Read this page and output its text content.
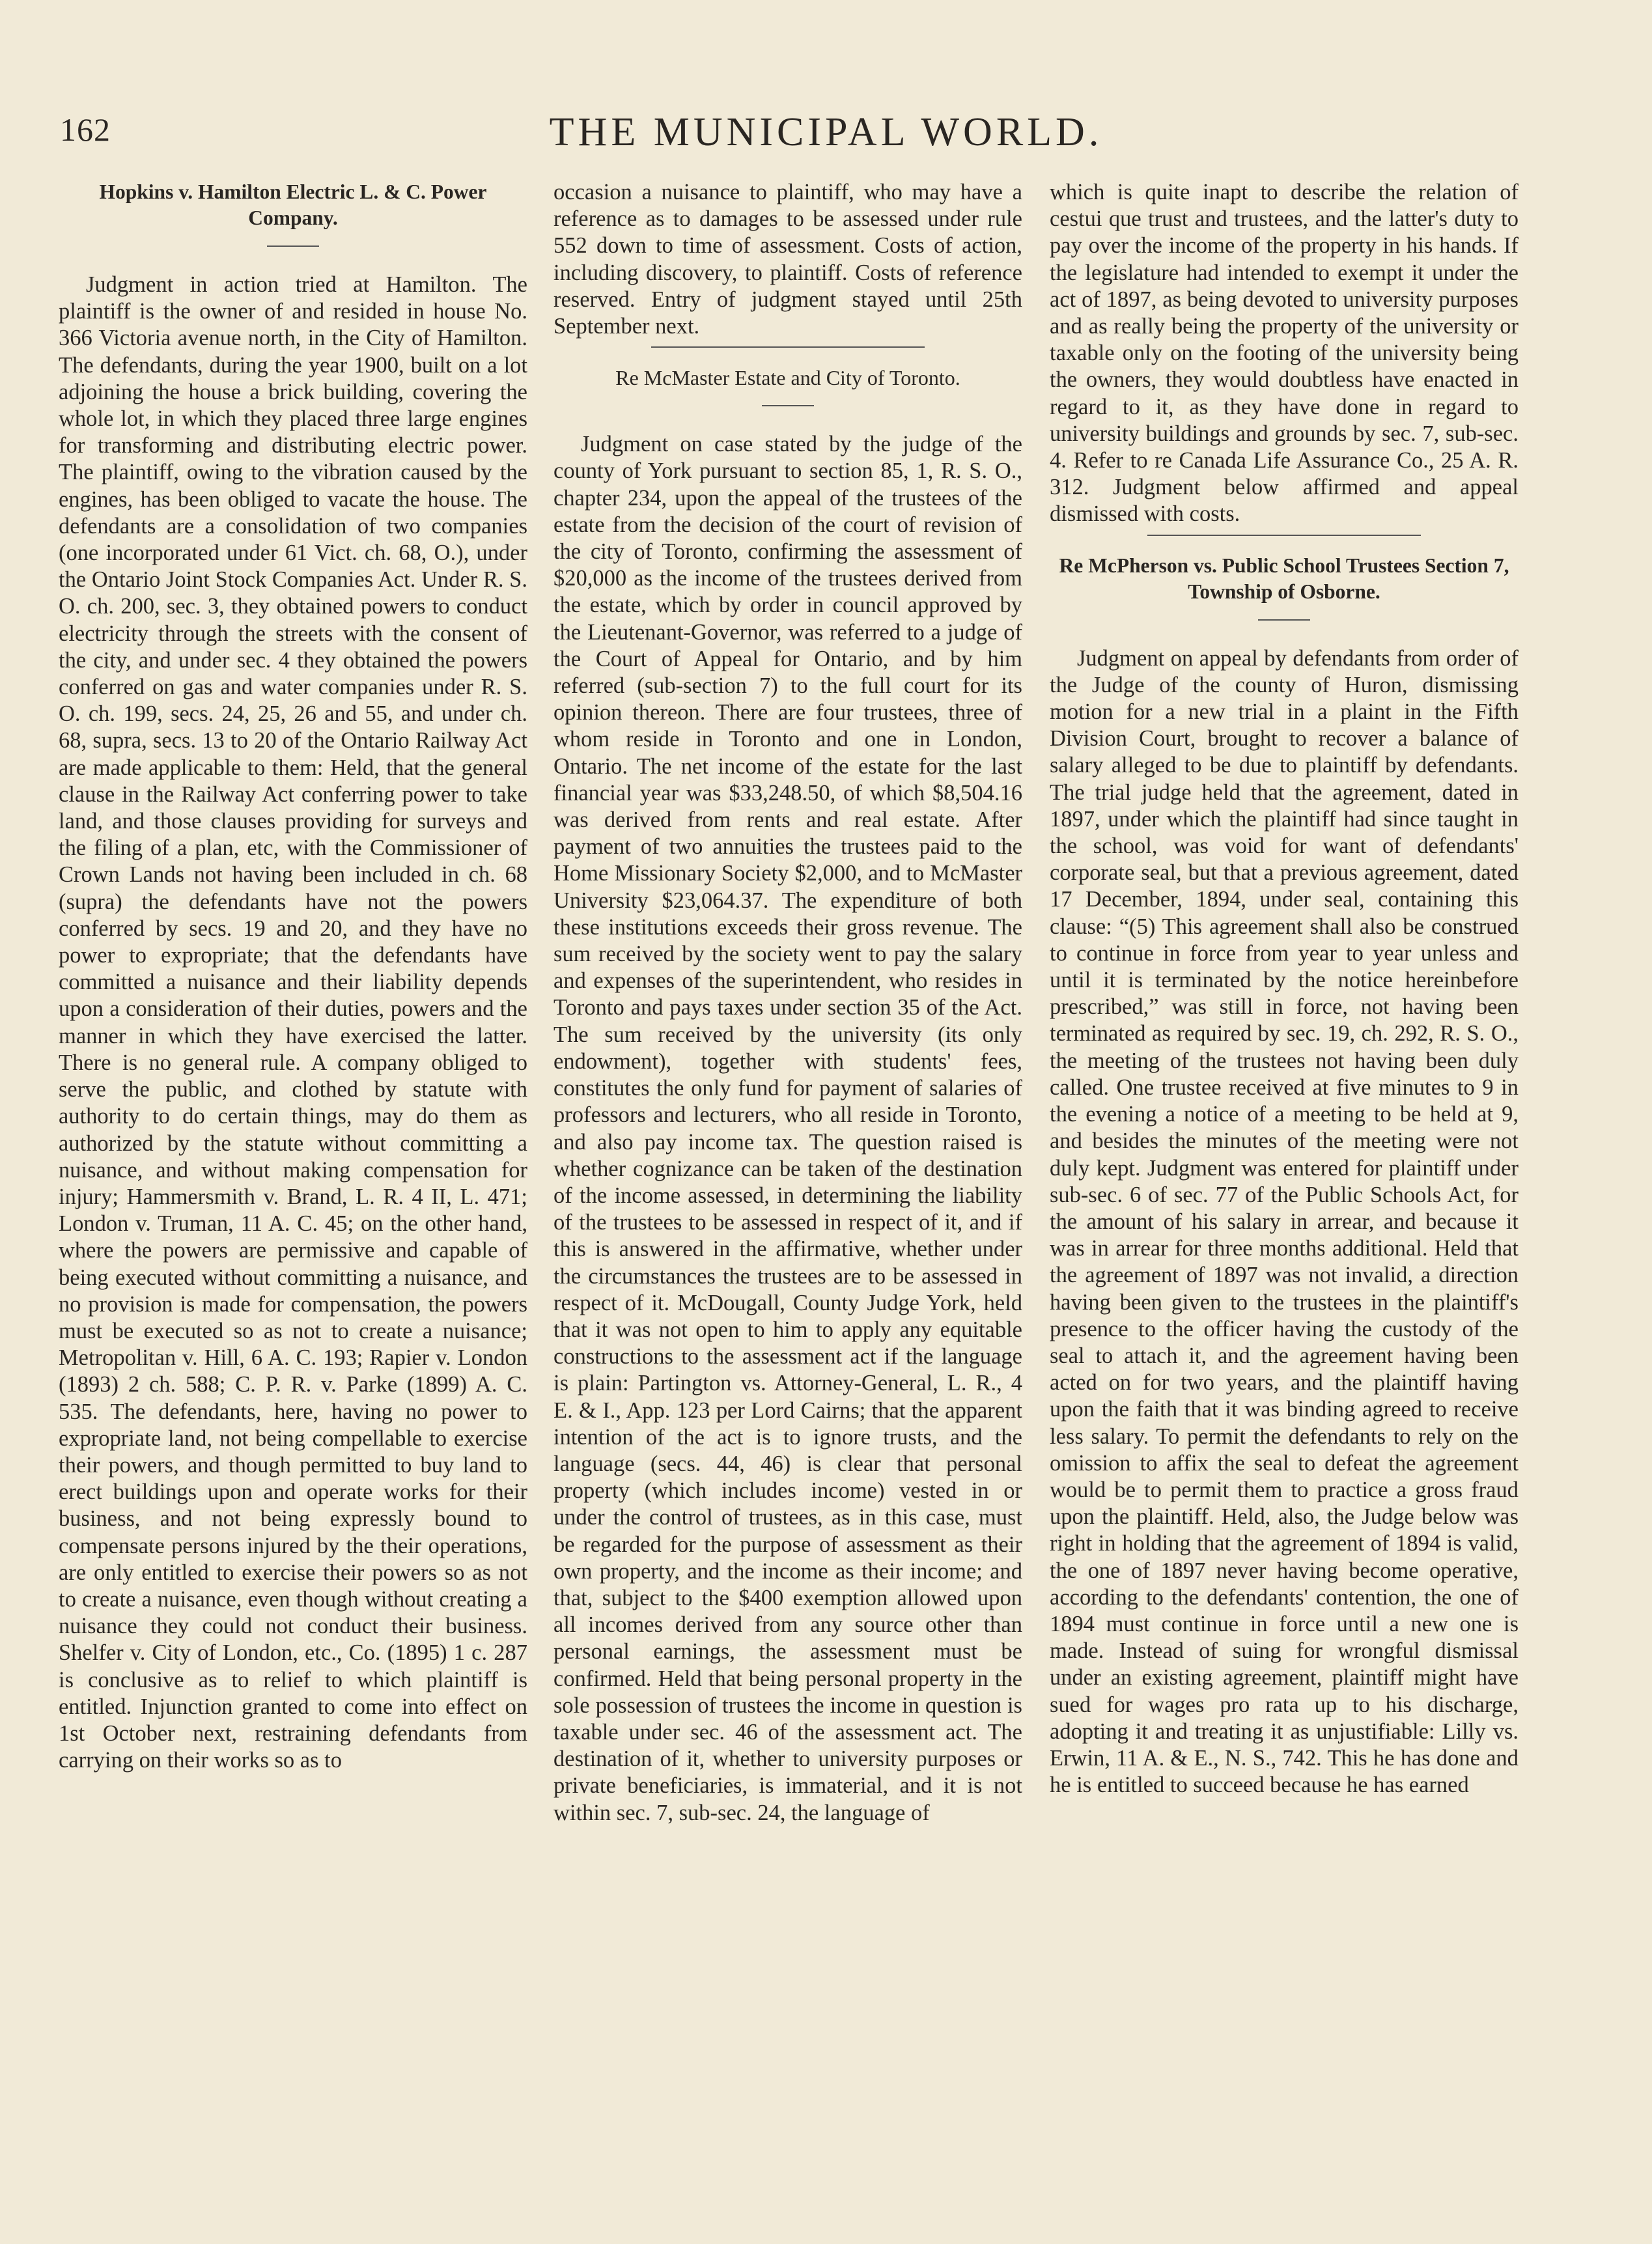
162	THE MUNICIPAL WORLD.

Hopkins v. Hamilton Electric L. & C. Power Company.

Judgment in action tried at Hamilton. The plaintiff is the owner of and resided in house No. 366 Victoria avenue north, in the City of Hamilton. The defendants, during the year 1900, built on a lot adjoining the house a brick building, covering the whole lot, in which they placed three large engines for transforming and distributing electric power. The plaintiff, owing to the vibration caused by the engines, has been obliged to vacate the house. The defendants are a consolidation of two companies (one incorporated under 61 Vict. ch. 68, O.), under the Ontario Joint Stock Companies Act. Under R. S. O. ch. 200, sec. 3, they obtained powers to conduct electricity through the streets with the consent of the city, and under sec. 4 they obtained the powers conferred on gas and water companies under R. S. O. ch. 199, secs. 24, 25, 26 and 55, and under ch. 68, supra, secs. 13 to 20 of the Ontario Railway Act are made applicable to them: Held, that the general clause in the Railway Act conferring power to take land, and those clauses providing for surveys and the filing of a plan, etc, with the Commissioner of Crown Lands not having been included in ch. 68 (supra) the defendants have not the powers conferred by secs. 19 and 20, and they have no power to expropriate; that the defendants have committed a nuisance and their liability depends upon a consideration of their duties, powers and the manner in which they have exercised the latter. There is no general rule. A company obliged to serve the public, and clothed by statute with authority to do certain things, may do them as authorized by the statute without committing a nuisance, and without making compensation for injury; Hammersmith v. Brand, L. R. 4 II, L. 471; London v. Truman, 11 A. C. 45; on the other hand, where the powers are permissive and capable of being executed without committing a nuisance, and no provision is made for compensation, the powers must be executed so as not to create a nuisance; Metropolitan v. Hill, 6 A. C. 193; Rapier v. London (1893) 2 ch. 588; C. P. R. v. Parke (1899) A. C. 535. The defendants, here, having no power to expropriate land, not being compellable to exercise their powers, and though permitted to buy land to erect buildings upon and operate works for their business, and not being expressly bound to compensate persons injured by the their operations, are only entitled to exercise their powers so as not to create a nuisance, even though without creating a nuisance they could not conduct their business. Shelfer v. City of London, etc., Co. (1895) 1 c. 287 is conclusive as to relief to which plaintiff is entitled. Injunction granted to come into effect on 1st October next, restraining defendants from carrying on their works so as to

occasion a nuisance to plaintiff, who may have a reference as to damages to be assessed under rule 552 down to time of assessment. Costs of action, including discovery, to plaintiff. Costs of reference reserved. Entry of judgment stayed until 25th September next.

Re McMaster Estate and City of Toronto.

Judgment on case stated by the judge of the county of York pursuant to section 85, 1, R. S. O., chapter 234, upon the appeal of the trustees of the estate from the decision of the court of revision of the city of Toronto, confirming the assessment of $20,000 as the income of the trustees derived from the estate, which by order in council approved by the Lieutenant-Governor, was referred to a judge of the Court of Appeal for Ontario, and by him referred (sub-section 7) to the full court for its opinion thereon. There are four trustees, three of whom reside in Toronto and one in London, Ontario. The net income of the estate for the last financial year was $33,248.50, of which $8,504.16 was derived from rents and real estate. After payment of two annuities the trustees paid to the Home Missionary Society $2,000, and to McMaster University $23,064.37. The expenditure of both these institutions exceeds their gross revenue. The sum received by the society went to pay the salary and expenses of the superintendent, who resides in Toronto and pays taxes under section 35 of the Act. The sum received by the university (its only endowment), together with students' fees, constitutes the only fund for payment of salaries of professors and lecturers, who all reside in Toronto, and also pay income tax. The question raised is whether cognizance can be taken of the destination of the income assessed, in determining the liability of the trustees to be assessed in respect of it, and if this is answered in the affirmative, whether under the circumstances the trustees are to be assessed in respect of it. McDougall, County Judge York, held that it was not open to him to apply any equitable constructions to the assessment act if the language is plain: Partington vs. Attorney-General, L. R., 4 E. & I., App. 123 per Lord Cairns; that the apparent intention of the act is to ignore trusts, and the language (secs. 44, 46) is clear that personal property (which includes income) vested in or under the control of trustees, as in this case, must be regarded for the purpose of assessment as their own property, and the income as their income; and that, subject to the $400 exemption allowed upon all incomes derived from any source other than personal earnings, the assessment must be confirmed. Held that being personal property in the sole possession of trustees the income in question is taxable under sec. 46 of the assessment act. The destination of it, whether to university purposes or private beneficiaries, is immaterial, and it is not within sec. 7, sub-sec. 24, the language of

which is quite inapt to describe the relation of cestui que trust and trustees, and the latter's duty to pay over the income of the property in his hands. If the legislature had intended to exempt it under the act of 1897, as being devoted to university purposes and as really being the property of the university or taxable only on the footing of the university being the owners, they would doubtless have enacted in regard to it, as they have done in regard to university buildings and grounds by sec. 7, sub-sec. 4. Refer to re Canada Life Assurance Co., 25 A. R. 312. Judgment below affirmed and appeal dismissed with costs.

Re McPherson vs. Public School Trustees Section 7, Township of Osborne.

Judgment on appeal by defendants from order of the Judge of the county of Huron, dismissing motion for a new trial in a plaint in the Fifth Division Court, brought to recover a balance of salary alleged to be due to plaintiff by defendants. The trial judge held that the agreement, dated in 1897, under which the plaintiff had since taught in the school, was void for want of defendants' corporate seal, but that a previous agreement, dated 17 December, 1894, under seal, containing this clause: “(5) This agreement shall also be construed to continue in force from year to year unless and until it is terminated by the notice hereinbefore prescribed,” was still in force, not having been terminated as required by sec. 19, ch. 292, R. S. O., the meeting of the trustees not having been duly called. One trustee received at five minutes to 9 in the evening a notice of a meeting to be held at 9, and besides the minutes of the meeting were not duly kept. Judgment was entered for plaintiff under sub-sec. 6 of sec. 77 of the Public Schools Act, for the amount of his salary in arrear, and because it was in arrear for three months additional. Held that the agreement of 1897 was not invalid, a direction having been given to the trustees in the plaintiff's presence to the officer having the custody of the seal to attach it, and the agreement having been acted on for two years, and the plaintiff having upon the faith that it was binding agreed to receive less salary. To permit the defendants to rely on the omission to affix the seal to defeat the agreement would be to permit them to practice a gross fraud upon the plaintiff. Held, also, the Judge below was right in holding that the agreement of 1894 is valid, the one of 1897 never having become operative, according to the defendants' contention, the one of 1894 must continue in force until a new one is made. Instead of suing for wrongful dismissal under an existing agreement, plaintiff might have sued for wages pro rata up to his discharge, adopting it and treating it as unjustifiable: Lilly vs. Erwin, 11 A. & E., N. S., 742. This he has done and he is entitled to succeed because he has earned
